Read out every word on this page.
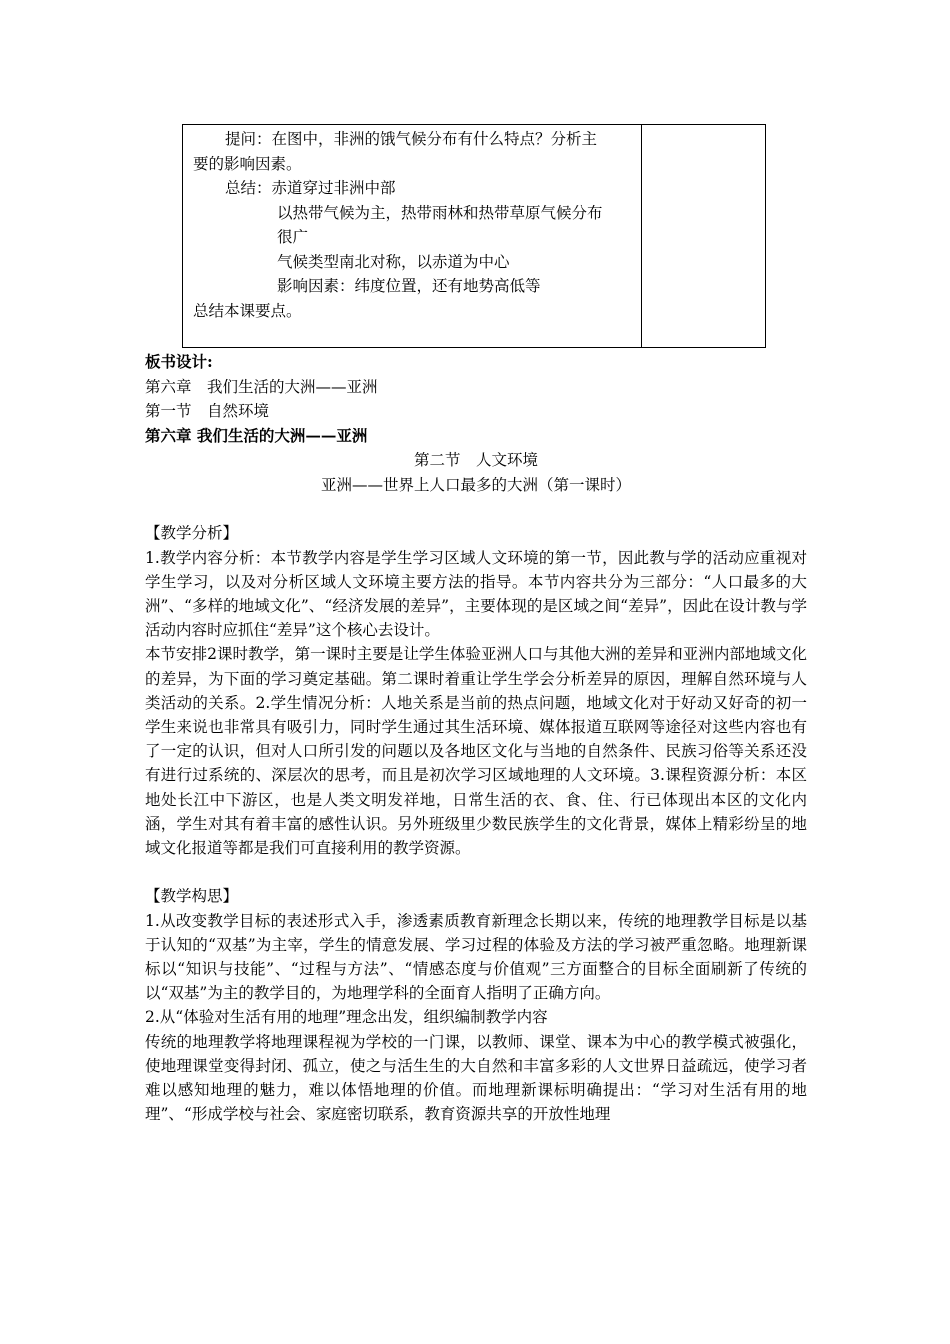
提问：在图中，非洲的饿气候分布有什么特点？分析主
要的影响因素。
总结：赤道穿过非洲中部
以热带气候为主，热带雨林和热带草原气候分布
很广
气候类型南北对称，以赤道为中心
影响因素：纬度位置，还有地势高低等
总结本课要点。
板书设计:
第六章　我们生活的大洲——亚洲
第一节　自然环境
第六章 我们生活的大洲——亚洲
第二节　人文环境
亚洲——世界上人口最多的大洲（第一课时）
【教学分析】
1.教学内容分析：本节教学内容是学生学习区域人文环境的第一节，因此教与学的活动应重视对学生学习，以及对分析区域人文环境主要方法的指导。本节内容共分为三部分：“人口最多的大洲”、“多样的地域文化”、“经济发展的差异”，主要体现的是区域之间“差异”，因此在设计教与学活动内容时应抓住“差异”这个核心去设计。
本节安排2课时教学，第一课时主要是让学生体验亚洲人口与其他大洲的差异和亚洲内部地域文化的差异，为下面的学习奠定基础。第二课时着重让学生学会分析差异的原因，理解自然环境与人类活动的关系。2.学生情况分析：人地关系是当前的热点问题，地域文化对于好动又好奇的初一学生来说也非常具有吸引力，同时学生通过其生活环境、媒体报道互联网等途径对这些内容也有了一定的认识，但对人口所引发的问题以及各地区文化与当地的自然条件、民族习俗等关系还没有进行过系统的、深层次的思考，而且是初次学习区域地理的人文环境。3.课程资源分析：本区地处长江中下游区，也是人类文明发祥地，日常生活的衣、食、住、行已体现出本区的文化内涵，学生对其有着丰富的感性认识。另外班级里少数民族学生的文化背景，媒体上精彩纷呈的地域文化报道等都是我们可直接利用的教学资源。
【教学构思】
1.从改变教学目标的表述形式入手，渗透素质教育新理念长期以来，传统的地理教学目标是以基于认知的“双基”为主宰，学生的情意发展、学习过程的体验及方法的学习被严重忽略。地理新课标以“知识与技能”、“过程与方法”、“情感态度与价值观”三方面整合的目标全面刷新了传统的以“双基”为主的教学目的，为地理学科的全面育人指明了正确方向。
2.从“体验对生活有用的地理”理念出发，组织编制教学内容
传统的地理教学将地理课程视为学校的一门课，以教师、课堂、课本为中心的教学模式被强化，使地理课堂变得封闭、孤立，使之与活生生的大自然和丰富多彩的人文世界日益疏远，使学习者难以感知地理的魅力，难以体悟地理的价值。而地理新课标明确提出：“学习对生活有用的地理”、“形成学校与社会、家庭密切联系，教育资源共享的开放性地理
